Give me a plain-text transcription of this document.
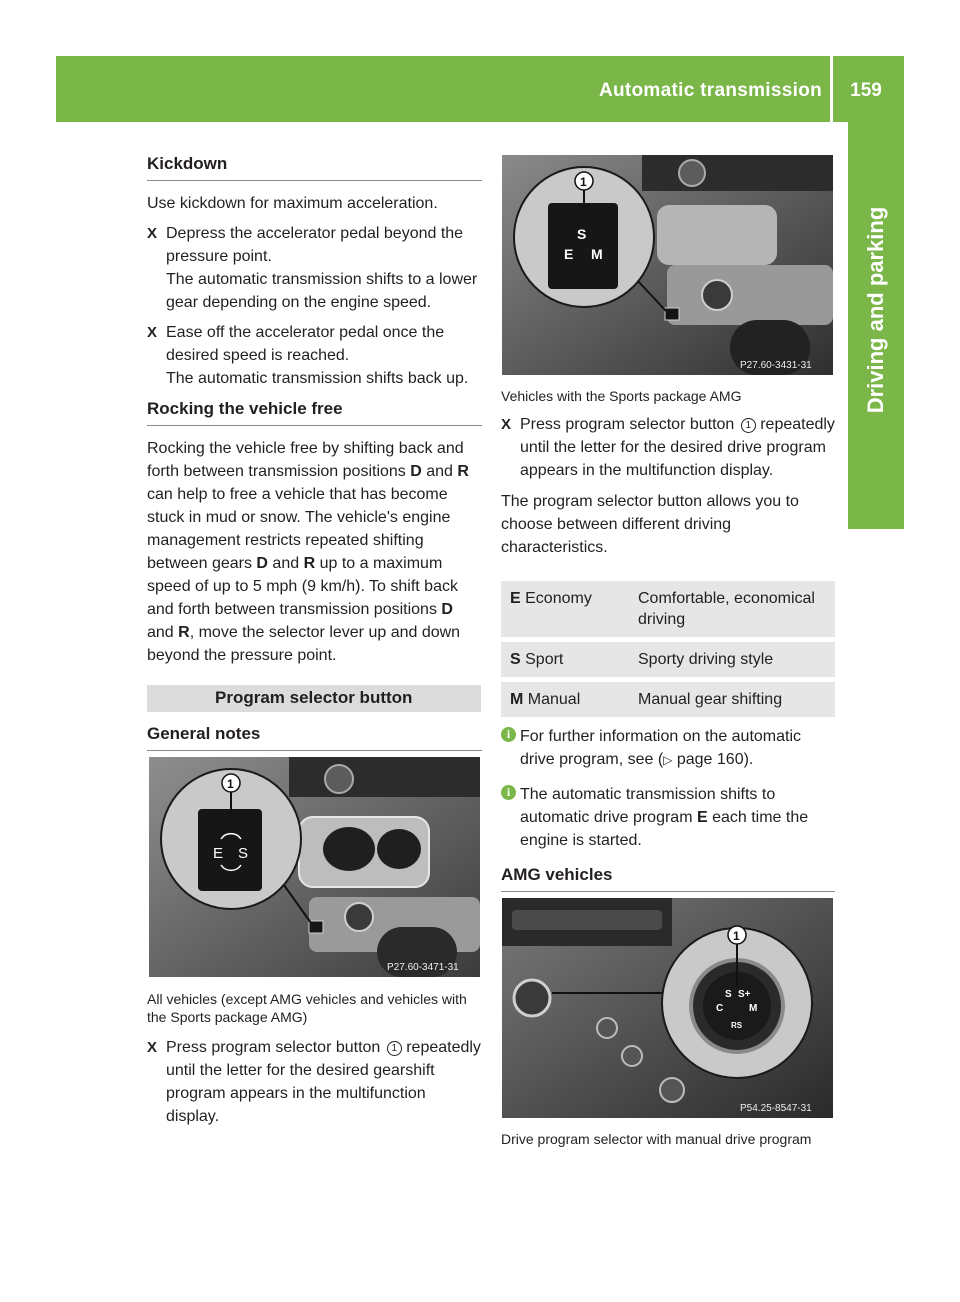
Automatic transmission	159
Driving and parking
Kickdown

Use kickdown for maximum acceleration.

X Depress the accelerator pedal beyond the pressure point.
The automatic transmission shifts to a lower gear depending on the engine speed.
X Ease off the accelerator pedal once the desired speed is reached.
The automatic transmission shifts back up.
Rocking the vehicle free

Rocking the vehicle free by shifting back and forth between transmission positions D and R can help to free a vehicle that has become stuck in mud or snow. The vehicle's engine management restricts repeated shifting between gears D and R up to a maximum speed of up to 5 mph (9 km/h). To shift back and forth between transmission positions D and R, move the selector lever up and down beyond the pressure point.

Program selector button
General notes
E S
1
P27.60-3471-31

All vehicles (except AMG vehicles and vehicles with the Sports package AMG)

X Press program selector button 1 repeatedly until the letter for the desired gearshift program appears in the multifunction display.
S
E M
1
P27.60-3431-31

Vehicles with the Sports package AMG

X Press program selector button 1 repeatedly until the letter for the desired drive program appears in the multifunction display.

The program selector button allows you to choose between different driving characteristics.

E Economy	Comfortable, economical driving
S Sport	Sporty driving style
M Manual	Manual gear shifting
i For further information on the automatic drive program, see (▷ page 160).
i The automatic transmission shifts to automatic drive program E each time the engine is started.
AMG vehicles
S S+
C	M
RS
1
P54.25-8547-31

Drive program selector with manual drive program
